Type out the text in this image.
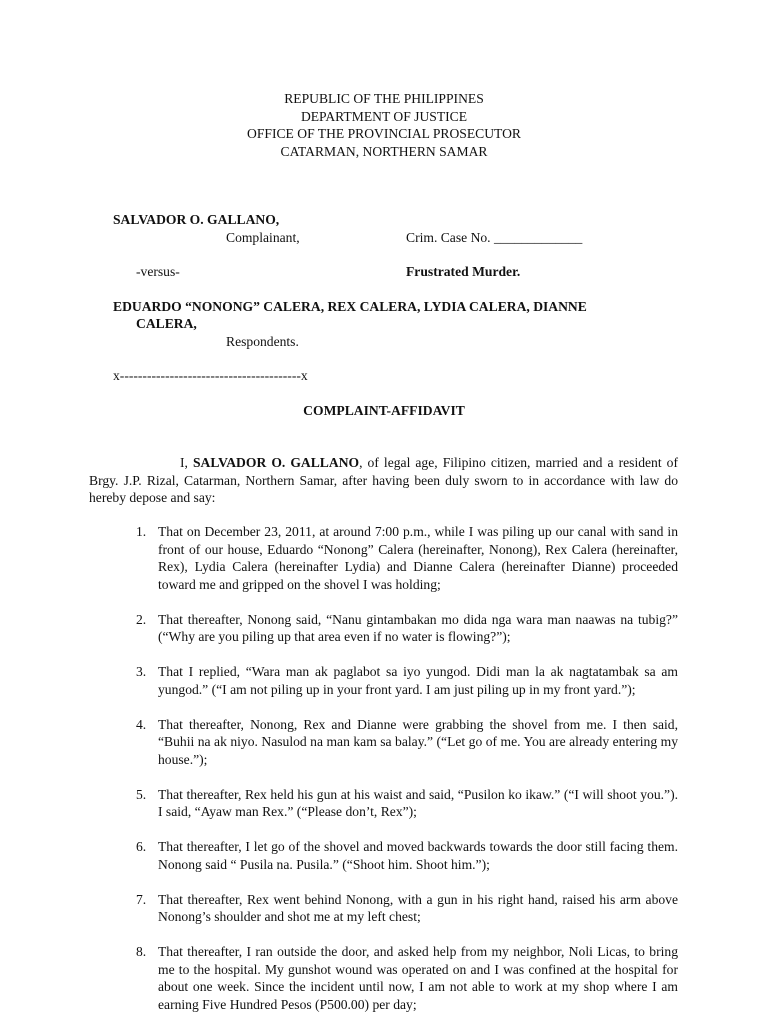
REPUBLIC OF THE PHILIPPINES
DEPARTMENT OF JUSTICE
OFFICE OF THE PROVINCIAL PROSECUTOR
CATARMAN, NORTHERN SAMAR
SALVADOR O. GALLANO,
Complainant,	Crim. Case No. _____________
-versus-	Frustrated Murder.
EDUARDO “NONONG” CALERA, REX CALERA, LYDIA CALERA, DIANNE
CALERA,
Respondents.
x----------------------------------------x
COMPLAINT-AFFIDAVIT
I, SALVADOR O. GALLANO, of legal age, Filipino citizen, married and a resident of Brgy. J.P. Rizal, Catarman, Northern Samar, after having been duly sworn to in accordance with law do hereby depose and say:
1. That on December 23, 2011, at around 7:00 p.m., while I was piling up our canal with sand in front of our house, Eduardo “Nonong” Calera (hereinafter, Nonong), Rex Calera (hereinafter, Rex), Lydia Calera (hereinafter Lydia) and Dianne Calera (hereinafter Dianne) proceeded toward me and gripped on the shovel I was holding;
2. That thereafter, Nonong said, “Nanu gintambakan mo dida nga wara man naawas na tubig?” (“Why are you piling up that area even if no water is flowing?”);
3. That I replied, “Wara man ak paglabot sa iyo yungod. Didi man la ak nagtatambak sa am yungod.” (“I am not piling up in your front yard. I am just piling up in my front yard.”);
4. That thereafter, Nonong, Rex and Dianne were grabbing the shovel from me. I then said, “Buhii na ak niyo. Nasulod na man kam sa balay.” (“Let go of me. You are already entering my house.”);
5. That thereafter, Rex held his gun at his waist and said, “Pusilon ko ikaw.” (“I will shoot you.”). I said, “Ayaw man Rex.” (“Please don’t, Rex”);
6. That thereafter, I let go of the shovel and moved backwards towards the door still facing them. Nonong said “ Pusila na. Pusila.” (“Shoot him. Shoot him.”);
7. That thereafter, Rex went behind Nonong, with a gun in his right hand, raised his arm above Nonong’s shoulder and shot me at my left chest;
8. That thereafter, I ran outside the door, and asked help from my neighbor, Noli Licas, to bring me to the hospital. My gunshot wound was operated on and I was confined at the hospital for about one week. Since the incident until now, I am not able to work at my shop where I am earning Five Hundred Pesos (P500.00) per day;
